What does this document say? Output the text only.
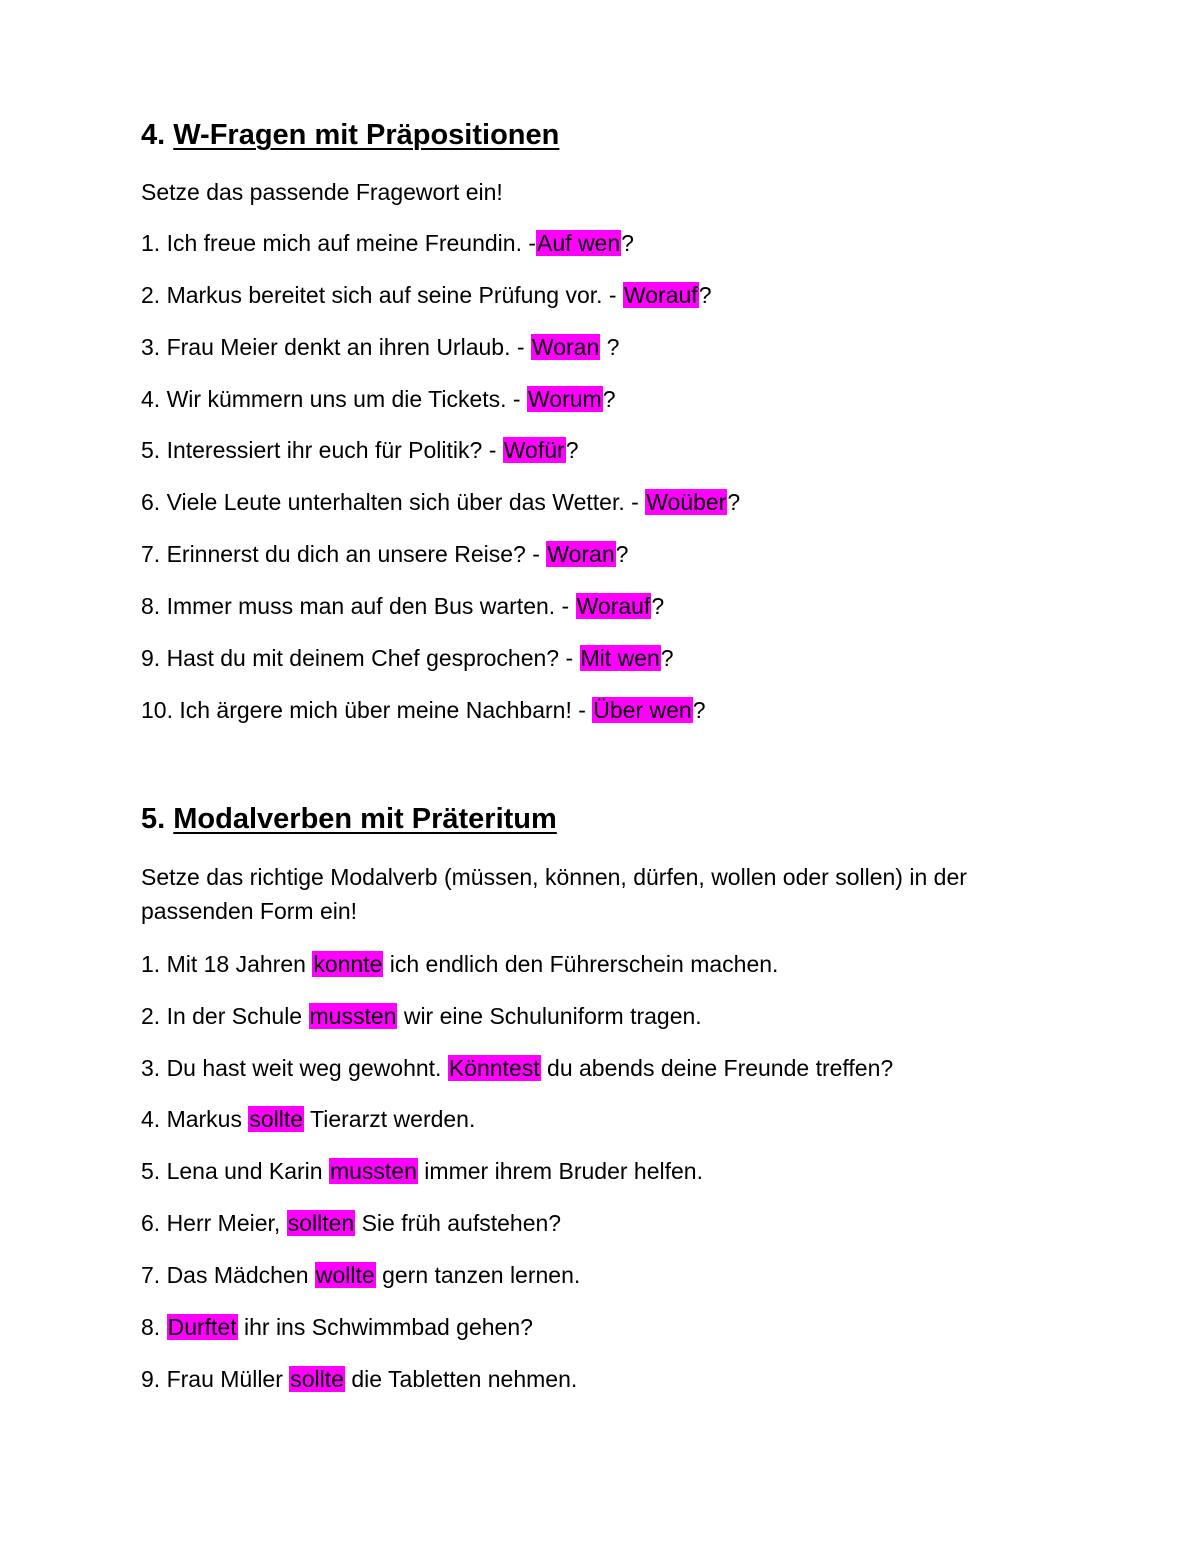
4. W-Fragen mit Präpositionen
Setze das passende Fragewort ein!
1. Ich freue mich auf meine Freundin. -Auf wen?
2. Markus bereitet sich auf seine Prüfung vor. - Worauf?
3. Frau Meier denkt an ihren Urlaub. - Woran ?
4. Wir kümmern uns um die Tickets. - Worum?
5. Interessiert ihr euch für Politik? - Wofür?
6. Viele Leute unterhalten sich über das Wetter. - Woüber?
7. Erinnerst du dich an unsere Reise? - Woran?
8. Immer muss man auf den Bus warten. - Worauf?
9. Hast du mit deinem Chef gesprochen? - Mit wen?
10. Ich ärgere mich über meine Nachbarn! - Über wen?
5. Modalverben mit Präteritum
Setze das richtige Modalverb (müssen, können, dürfen, wollen oder sollen) in der
passenden Form ein!
1. Mit 18 Jahren konnte ich endlich den Führerschein machen.
2. In der Schule mussten wir eine Schuluniform tragen.
3. Du hast weit weg gewohnt. Könntest du abends deine Freunde treffen?
4. Markus sollte Tierarzt werden.
5. Lena und Karin mussten immer ihrem Bruder helfen.
6. Herr Meier, sollten Sie früh aufstehen?
7. Das Mädchen wollte gern tanzen lernen.
8. Durftet ihr ins Schwimmbad gehen?
9. Frau Müller sollte die Tabletten nehmen.
